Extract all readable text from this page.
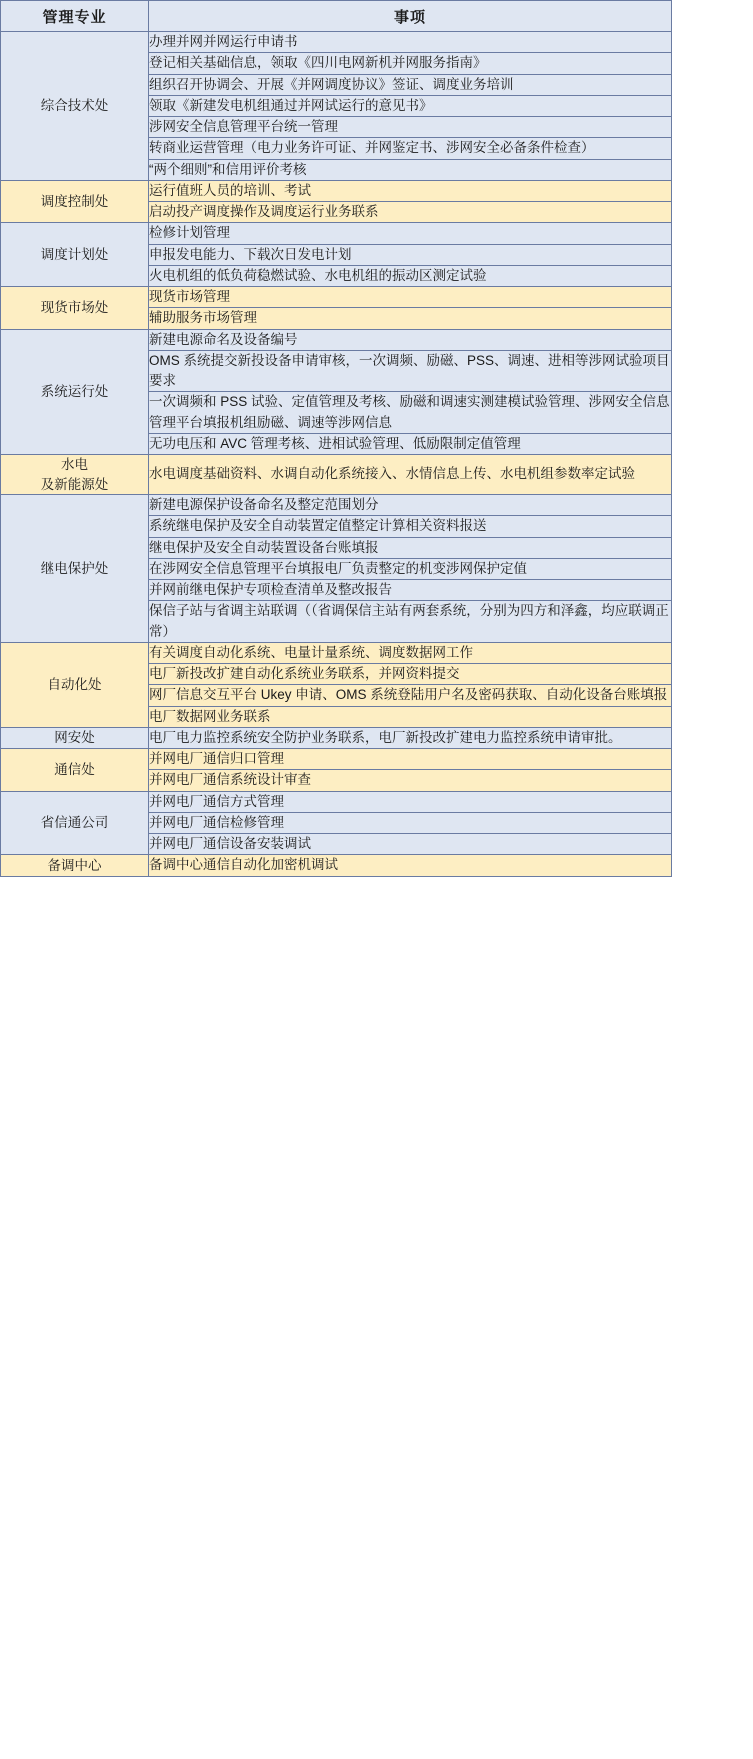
管理专业	事项

综合技术处	办理并网并网运行申请书
	登记相关基础信息，领取《四川电网新机并网服务指南》
	组织召开协调会、开展《并网调度协议》签证、调度业务培训
	领取《新建发电机组通过并网试运行的意见书》
	涉网安全信息管理平台统一管理
	转商业运营管理（电力业务许可证、并网鉴定书、涉网安全必备条件检查）
	“两个细则”和信用评价考核

调度控制处	运行值班人员的培训、考试
	启动投产调度操作及调度运行业务联系

调度计划处	检修计划管理
	申报发电能力、下载次日发电计划
	火电机组的低负荷稳燃试验、水电机组的振动区测定试验

现货市场处	现货市场管理
	辅助服务市场管理

系统运行处	新建电源命名及设备编号
	OMS 系统提交新投设备申请审核，一次调频、励磁、PSS、调速、进相等涉网试验项目要求
	一次调频和 PSS 试验、定值管理及考核、励磁和调速实测建模试验管理、涉网安全信息管理平台填报机组励磁、调速等涉网信息
	无功电压和 AVC 管理考核、进相试验管理、低励限制定值管理

水电
及新能源处	水电调度基础资料、水调自动化系统接入、水情信息上传、水电机组参数率定试验

继电保护处	新建电源保护设备命名及整定范围划分
	系统继电保护及安全自动装置定值整定计算相关资料报送
	继电保护及安全自动装置设备台账填报
	在涉网安全信息管理平台填报电厂负责整定的机变涉网保护定值
	并网前继电保护专项检查清单及整改报告
	保信子站与省调主站联调（（省调保信主站有两套系统，分别为四方和泽鑫，均应联调正常）

自动化处	有关调度自动化系统、电量计量系统、调度数据网工作
	电厂新投改扩建自动化系统业务联系，并网资料提交
	网厂信息交互平台 Ukey 申请、OMS 系统登陆用户名及密码获取、自动化设备台账填报
	电厂数据网业务联系

网安处	电厂电力监控系统安全防护业务联系，电厂新投改扩建电力监控系统申请审批。

通信处	并网电厂通信归口管理
	并网电厂通信系统设计审查

省信通公司	并网电厂通信方式管理
	并网电厂通信检修管理
	并网电厂通信设备安装调试

备调中心	备调中心通信自动化加密机调试
